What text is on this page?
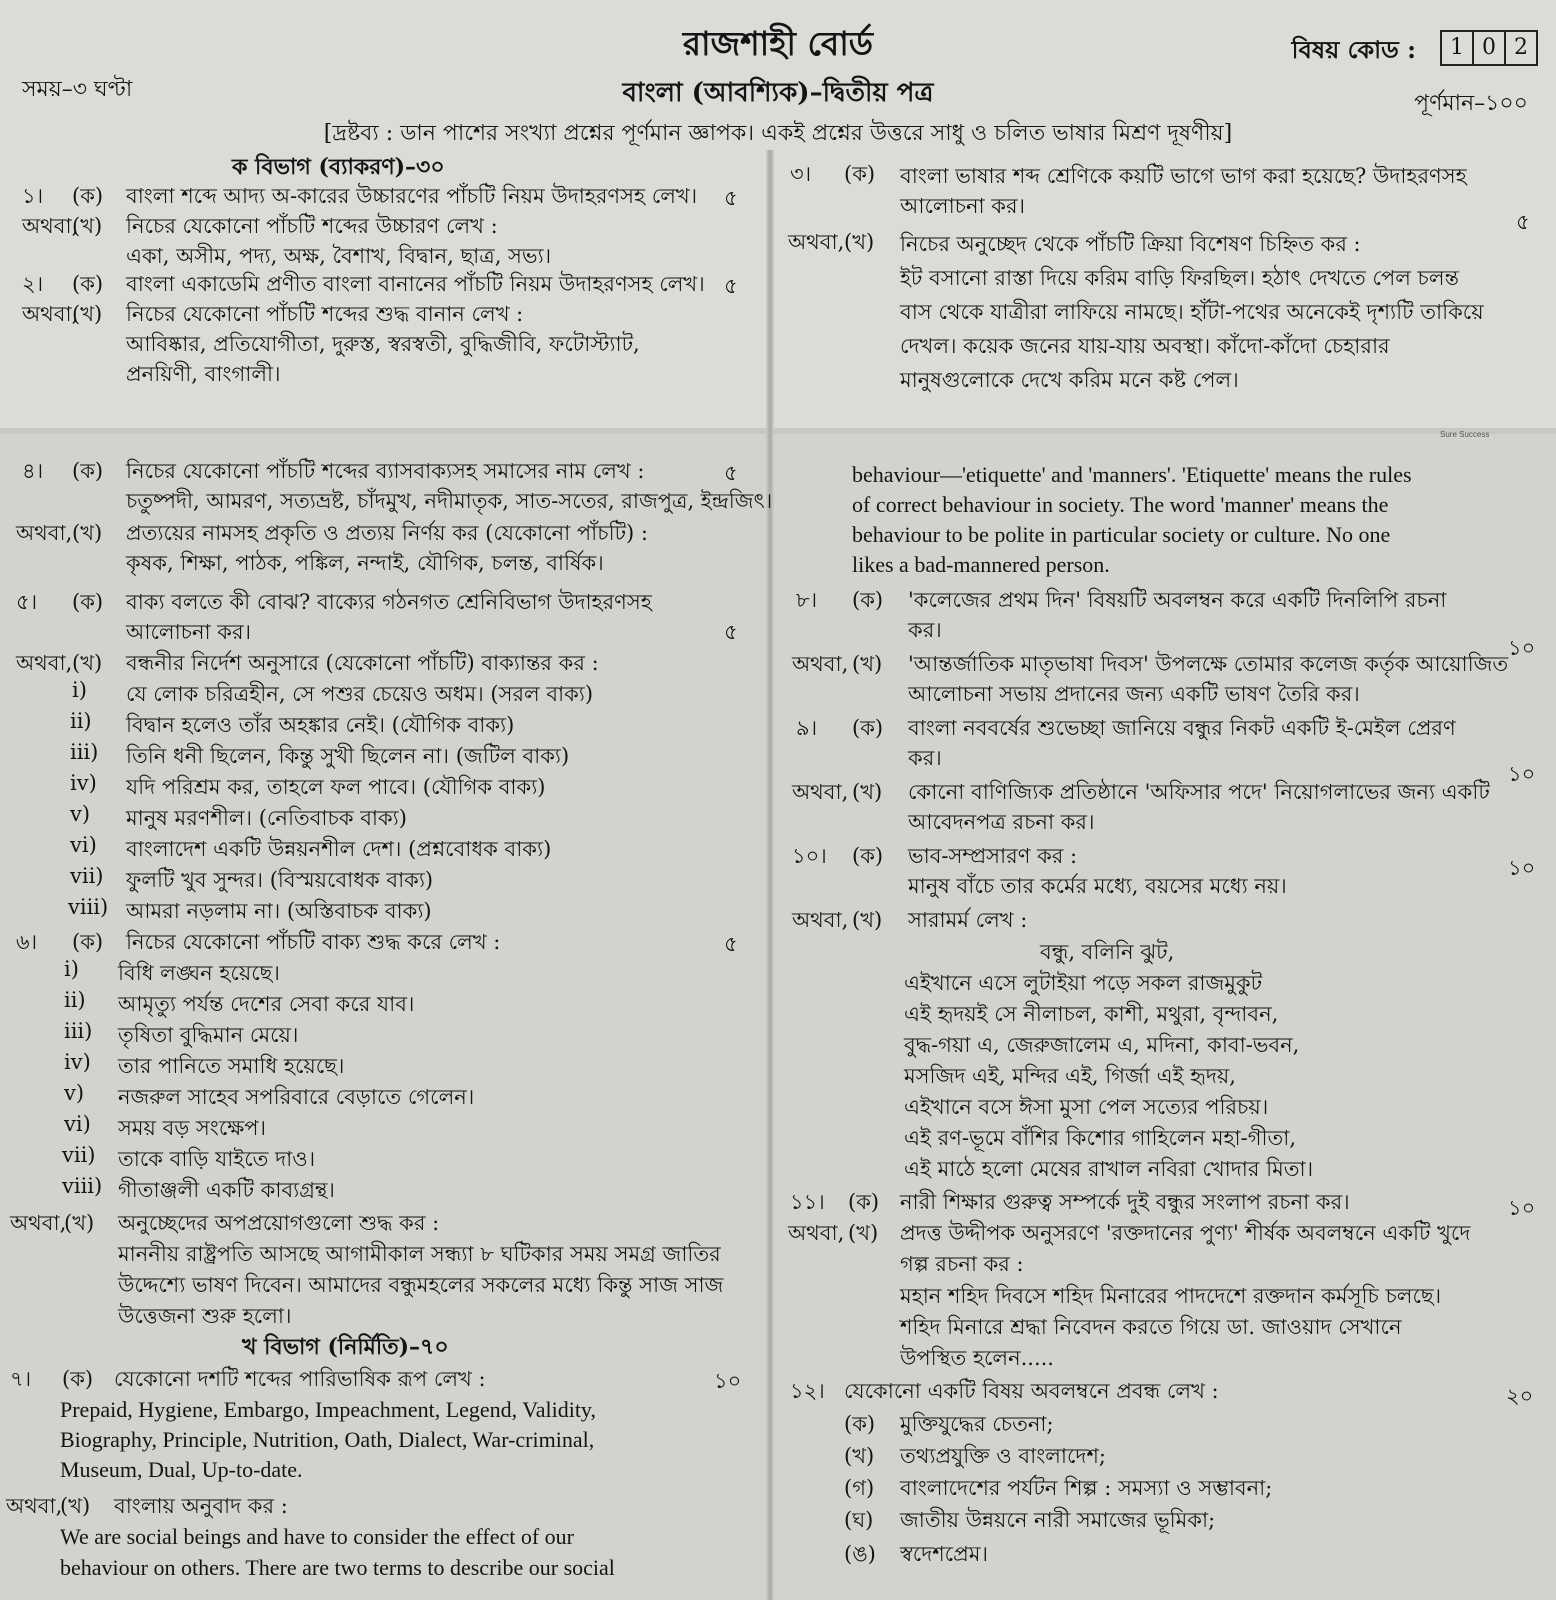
Sure Success
রাজশাহী বোর্ড	বিষয় কোড :	1 0 2
সময়–৩ ঘণ্টা	বাংলা (আবশ্যিক)–দ্বিতীয় পত্র	পূর্ণমান–১০০
[দ্রষ্টব্য : ডান পাশের সংখ্যা প্রশ্নের পূর্ণমান জ্ঞাপক। একই প্রশ্নের উত্তরে সাধু ও চলিত ভাষার মিশ্রণ দূষণীয়]
ক বিভাগ (ব্যাকরণ)–৩০
১। (ক) বাংলা শব্দে আদ্য অ-কারের উচ্চারণের পাঁচটি নিয়ম উদাহরণসহ লেখ। ৫
অথবা,
(খ) নিচের যেকোনো পাঁচটি শব্দের উচ্চারণ লেখ :
একা, অসীম, পদ্য, অক্ষ, বৈশাখ, বিদ্বান, ছাত্র, সভ্য।
২। (ক) বাংলা একাডেমি প্রণীত বাংলা বানানের পাঁচটি নিয়ম উদাহরণসহ লেখ। ৫
অথবা,
(খ) নিচের যেকোনো পাঁচটি শব্দের শুদ্ধ বানান লেখ :
আবিষ্কার, প্রতিযোগীতা, দুরুস্ত, স্বরস্বতী, বুদ্ধিজীবি, ফটোস্ট্যাট,
প্রনয়িণী, বাংগালী।
৪। (ক) নিচের যেকোনো পাঁচটি শব্দের ব্যাসবাক্যসহ সমাসের নাম লেখ :	৫
চতুষ্পদী, আমরণ, সত্যভ্রষ্ট, চাঁদমুখ, নদীমাতৃক, সাত-সতের, রাজপুত্র, ইন্দ্রজিৎ।
অথবা, (খ) প্রত্যয়ের নামসহ প্রকৃতি ও প্রত্যয় নির্ণয় কর (যেকোনো পাঁচটি) :
কৃষক, শিক্ষা, পাঠক, পঙ্কিল, নন্দাই, যৌগিক, চলন্ত, বার্ষিক।
৫। (ক) বাক্য বলতে কী বোঝ? বাক্যের গঠনগত শ্রেনিবিভাগ উদাহরণসহ
আলোচনা কর।	৫
অথবা, (খ) বন্ধনীর নির্দেশ অনুসারে (যেকোনো পাঁচটি) বাক্যান্তর কর :
i) যে লোক চরিত্রহীন, সে পশুর চেয়েও অধম। (সরল বাক্য)
ii) বিদ্বান হলেও তাঁর অহঙ্কার নেই। (যৌগিক বাক্য)
iii) তিনি ধনী ছিলেন, কিন্তু সুখী ছিলেন না। (জটিল বাক্য)
iv) যদি পরিশ্রম কর, তাহলে ফল পাবে। (যৌগিক বাক্য)
v) মানুষ মরণশীল। (নেতিবাচক বাক্য)
vi) বাংলাদেশ একটি উন্নয়নশীল দেশ। (প্রশ্নবোধক বাক্য)
vii) ফুলটি খুব সুন্দর। (বিস্ময়বোধক বাক্য)
viii) আমরা নড়লাম না। (অস্তিবাচক বাক্য)
৬। (ক) নিচের যেকোনো পাঁচটি বাক্য শুদ্ধ করে লেখ :	৫
i) বিধি লঙ্ঘন হয়েছে।
ii) আমৃত্যু পর্যন্ত দেশের সেবা করে যাব।
iii) তৃষিতা বুদ্ধিমান মেয়ে।
iv) তার পানিতে সমাধি হয়েছে।
v) নজরুল সাহেব সপরিবারে বেড়াতে গেলেন।
vi) সময় বড় সংক্ষেপ।
vii) তাকে বাড়ি যাইতে দাও।
viii) গীতাঞ্জলী একটি কাব্যগ্রন্থ।
অথবা,
(খ) অনুচ্ছেদের অপপ্রয়োগগুলো শুদ্ধ কর :
মাননীয় রাষ্ট্রপতি আসছে আগামীকাল সন্ধ্যা ৮ ঘটিকার সময় সমগ্র জাতির
উদ্দেশ্যে ভাষণ দিবেন। আমাদের বন্ধুমহলের সকলের মধ্যে কিন্তু সাজ সাজ
উত্তেজনা শুরু হলো।
খ বিভাগ (নির্মিতি)–৭০
৭। (ক) যেকোনো দশটি শব্দের পারিভাষিক রূপ লেখ :	১০
Prepaid, Hygiene, Embargo, Impeachment, Legend, Validity,
Biography, Principle, Nutrition, Oath, Dialect, War-criminal,
Museum, Dual, Up-to-date.
অথবা,
(খ) বাংলায় অনুবাদ কর :
We are social beings and have to consider the effect of our
behaviour on others. There are two terms to describe our social
৩। (ক) বাংলা ভাষার শব্দ শ্রেণিকে কয়টি ভাগে ভাগ করা হয়েছে? উদাহরণসহ
আলোচনা কর।
৫
অথবা, (খ) নিচের অনুচ্ছেদ থেকে পাঁচটি ক্রিয়া বিশেষণ চিহ্নিত কর :
ইট বসানো রাস্তা দিয়ে করিম বাড়ি ফিরছিল। হঠাৎ দেখতে পেল চলন্ত
বাস থেকে যাত্রীরা লাফিয়ে নামছে। হাঁটা-পথের অনেকেই দৃশ্যটি তাকিয়ে
দেখল। কয়েক জনের যায়-যায় অবস্থা। কাঁদো-কাঁদো চেহারার
মানুষগুলোকে দেখে করিম মনে কষ্ট পেল।
behaviour—'etiquette' and 'manners'. 'Etiquette' means the rules
of correct behaviour in society. The word 'manner' means the
behaviour to be polite in particular society or culture. No one
likes a bad-mannered person.
৮। (ক) 'কলেজের প্রথম দিন' বিষয়টি অবলম্বন করে একটি দিনলিপি রচনা
কর।
১০
অথবা, (খ) 'আন্তর্জাতিক মাতৃভাষা দিবস' উপলক্ষে তোমার কলেজ কর্তৃক আয়োজিত
আলোচনা সভায় প্রদানের জন্য একটি ভাষণ তৈরি কর।
৯। (ক) বাংলা নববর্ষের শুভেচ্ছা জানিয়ে বন্ধুর নিকট একটি ই-মেইল প্রেরণ
কর।
১০
অথবা, (খ) কোনো বাণিজ্যিক প্রতিষ্ঠানে 'অফিসার পদে' নিয়োগলাভের জন্য একটি
আবেদনপত্র রচনা কর।
১০। (ক) ভাব-সম্প্রসারণ কর :	১০
মানুষ বাঁচে তার কর্মের মধ্যে, বয়সের মধ্যে নয়।
অথবা, (খ) সারামর্ম লেখ :
বন্ধু, বলিনি ঝুট,
এইখানে এসে লুটাইয়া পড়ে সকল রাজমুকুট
এই হৃদয়ই সে নীলাচল, কাশী, মথুরা, বৃন্দাবন,
বুদ্ধ-গয়া এ, জেরুজালেম এ, মদিনা, কাবা-ভবন,
মসজিদ এই, মন্দির এই, গির্জা এই হৃদয়,
এইখানে বসে ঈসা মুসা পেল সত্যের পরিচয়।
এই রণ-ভূমে বাঁশির কিশোর গাহিলেন মহা-গীতা,
এই মাঠে হলো মেষের রাখাল নবিরা খোদার মিতা।
১১। (ক) নারী শিক্ষার গুরুত্ব সম্পর্কে দুই বন্ধুর সংলাপ রচনা কর।	১০
অথবা, (খ) প্রদত্ত উদ্দীপক অনুসরণে 'রক্তদানের পুণ্য' শীর্ষক অবলম্বনে একটি খুদে
গল্প রচনা কর :
মহান শহিদ দিবসে শহিদ মিনারের পাদদেশে রক্তদান কর্মসূচি চলছে।
শহিদ মিনারে শ্রদ্ধা নিবেদন করতে গিয়ে ডা. জাওয়াদ সেখানে
উপস্থিত হলেন.....
১২। যেকোনো একটি বিষয় অবলম্বনে প্রবন্ধ লেখ :	২০
(ক) মুক্তিযুদ্ধের চেতনা;
(খ) তথ্যপ্রযুক্তি ও বাংলাদেশ;
(গ) বাংলাদেশের পর্যটন শিল্প : সমস্যা ও সম্ভাবনা;
(ঘ) জাতীয় উন্নয়নে নারী সমাজের ভূমিকা;
(ঙ) স্বদেশপ্রেম।
